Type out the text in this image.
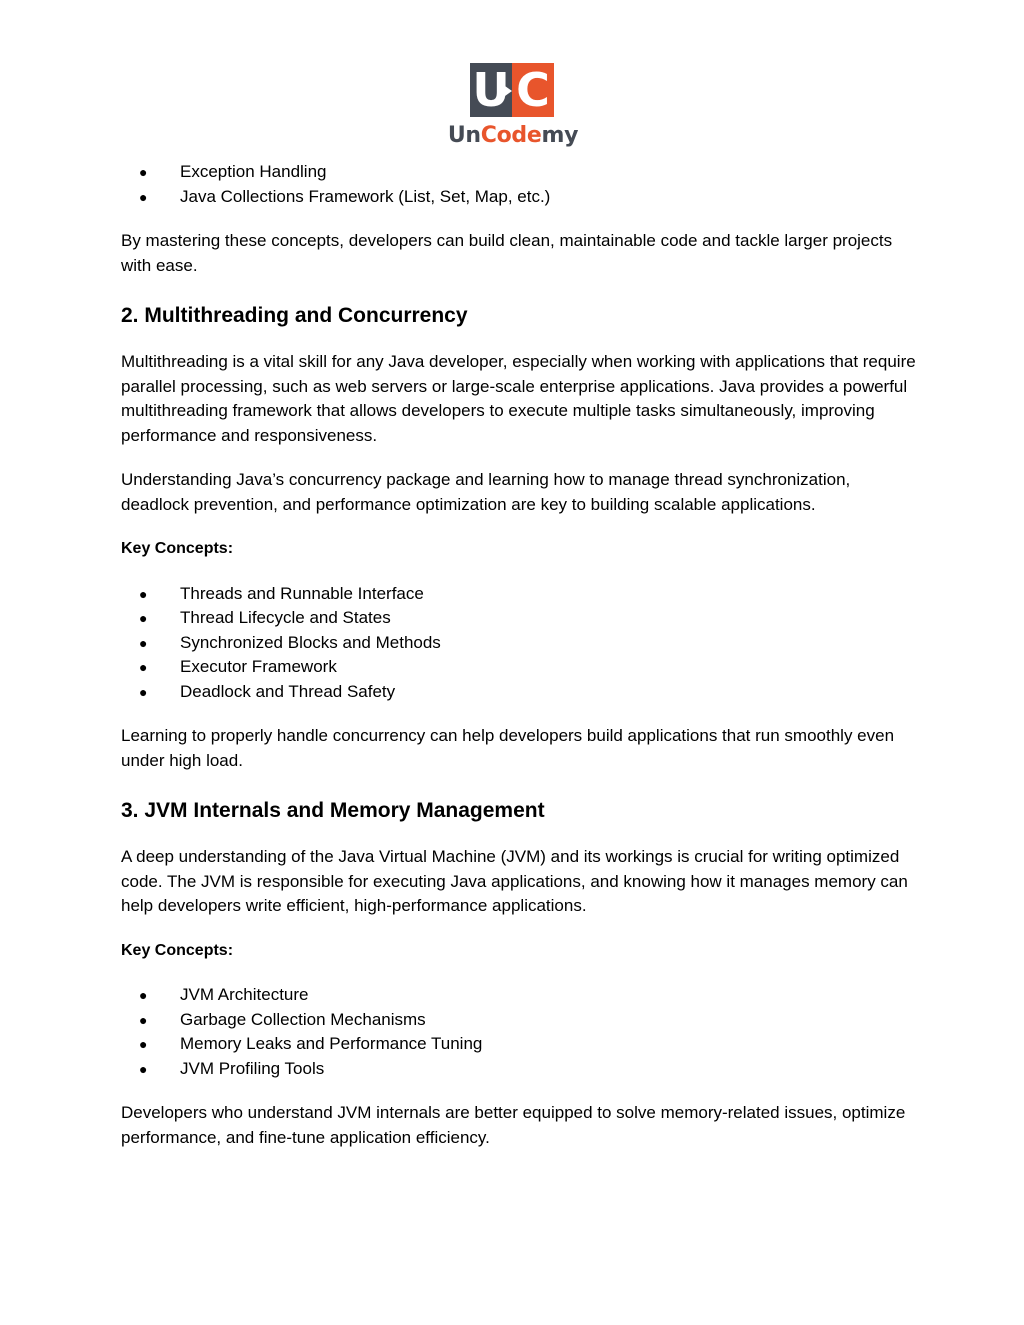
U C
UnCodemy
● Exception Handling
● Java Collections Framework (List, Set, Map, etc.)

By mastering these concepts, developers can build clean, maintainable code and tackle larger projects with ease.

2. Multithreading and Concurrency

Multithreading is a vital skill for any Java developer, especially when working with applications that require parallel processing, such as web servers or large-scale enterprise applications. Java provides a powerful multithreading framework that allows developers to execute multiple tasks simultaneously, improving performance and responsiveness.

Understanding Java’s concurrency package and learning how to manage thread synchronization, deadlock prevention, and performance optimization are key to building scalable applications.

Key Concepts:

● Threads and Runnable Interface
● Thread Lifecycle and States
● Synchronized Blocks and Methods
● Executor Framework
● Deadlock and Thread Safety

Learning to properly handle concurrency can help developers build applications that run smoothly even under high load.

3. JVM Internals and Memory Management

A deep understanding of the Java Virtual Machine (JVM) and its workings is crucial for writing optimized code. The JVM is responsible for executing Java applications, and knowing how it manages memory can help developers write efficient, high-performance applications.

Key Concepts:

● JVM Architecture
● Garbage Collection Mechanisms
● Memory Leaks and Performance Tuning
● JVM Profiling Tools

Developers who understand JVM internals are better equipped to solve memory-related issues, optimize performance, and fine-tune application efficiency.
